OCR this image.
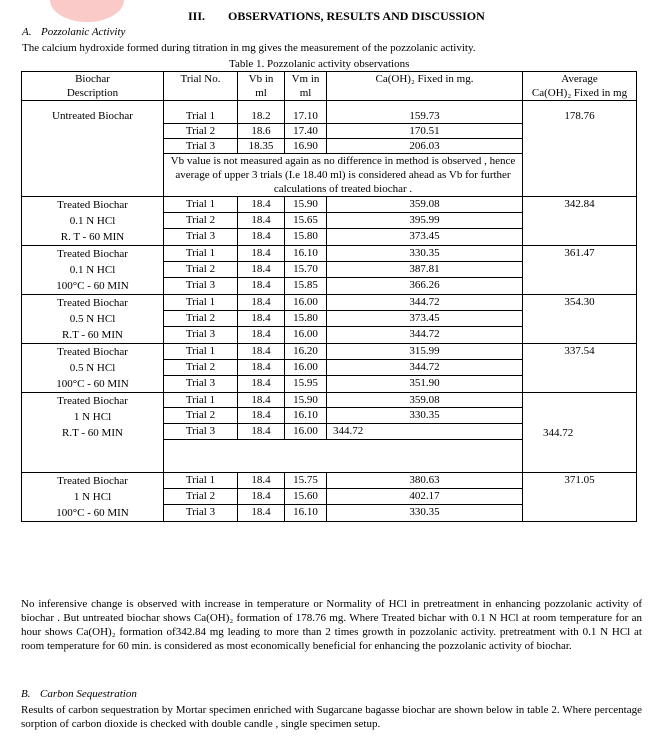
III. OBSERVATIONS, RESULTS AND DISCUSSION
A. Pozzolanic Activity
The calcium hydroxide formed during titration in mg gives the measurement of the pozzolanic activity.
Table 1. Pozzolanic activity observations
Biochar
Description	Trial No.	Vb in
ml	Vm in
ml	Ca(OH)₂ Fixed in mg.	Average
Ca(OH)₂ Fixed in mg

Untreated Biochar	Trial 1	18.2	17.10	159.73	178.76
	Trial 2	18.6	17.40	170.51	
	Trial 3	18.35	16.90	206.03	
	Vb value is not measured again as no difference in method is observed , hence average of upper 3 trials (I.e 18.40 ml) is considered ahead as Vb for further calculations of treated biochar .				

Treated Biochar
0.1 N HCl
R. T - 60 MIN	Trial 1	18.4	15.90	359.08	342.84
	Trial 2	18.4	15.65	395.99	
	Trial 3	18.4	15.80	373.45	

Treated Biochar
0.1 N HCl
100°C - 60 MIN	Trial 1	18.4	16.10	330.35	361.47
	Trial 2	18.4	15.70	387.81	
	Trial 3	18.4	15.85	366.26	

Treated Biochar
0.5 N HCl
R.T - 60 MIN	Trial 1	18.4	16.00	344.72	354.30
	Trial 2	18.4	15.80	373.45	
	Trial 3	18.4	16.00	344.72	

Treated Biochar
0.5 N HCl
100°C - 60 MIN	Trial 1	18.4	16.20	315.99	337.54
	Trial 2	18.4	16.00	344.72	
	Trial 3	18.4	15.95	351.90	

Treated Biochar
1 N HCl
R.T - 60 MIN	Trial 1	18.4	15.90	359.08	344.72
	Trial 2	18.4	16.10	330.35	
	Trial 3	18.4	16.00	344.72	

Treated Biochar
1 N HCl
100°C - 60 MIN	Trial 1	18.4	15.75	380.63	371.05
	Trial 2	18.4	15.60	402.17	
	Trial 3	18.4	16.10	330.35	
No inferensive change is observed with increase in temperature or Normality of HCl in pretreatment in enhancing pozzolanic activity of biochar . But untreated biochar shows Ca(OH)₂ formation of 178.76 mg. Where Treated bichar with 0.1 N HCl at room temperature for an hour shows Ca(OH)₂ formation of342.84 mg leading to more than 2 times growth in pozzolanic activity. pretreatment with 0.1 N HCl at room temperature for 60 min. is considered as most economically beneficial for enhancing the pozzolanic activity of biochar.
B. Carbon Sequestration
Results of carbon sequestration by Mortar specimen enriched with Sugarcane bagasse biochar are shown below in table 2. Where percentage sorption of carbon dioxide is checked with double candle , single specimen setup.
